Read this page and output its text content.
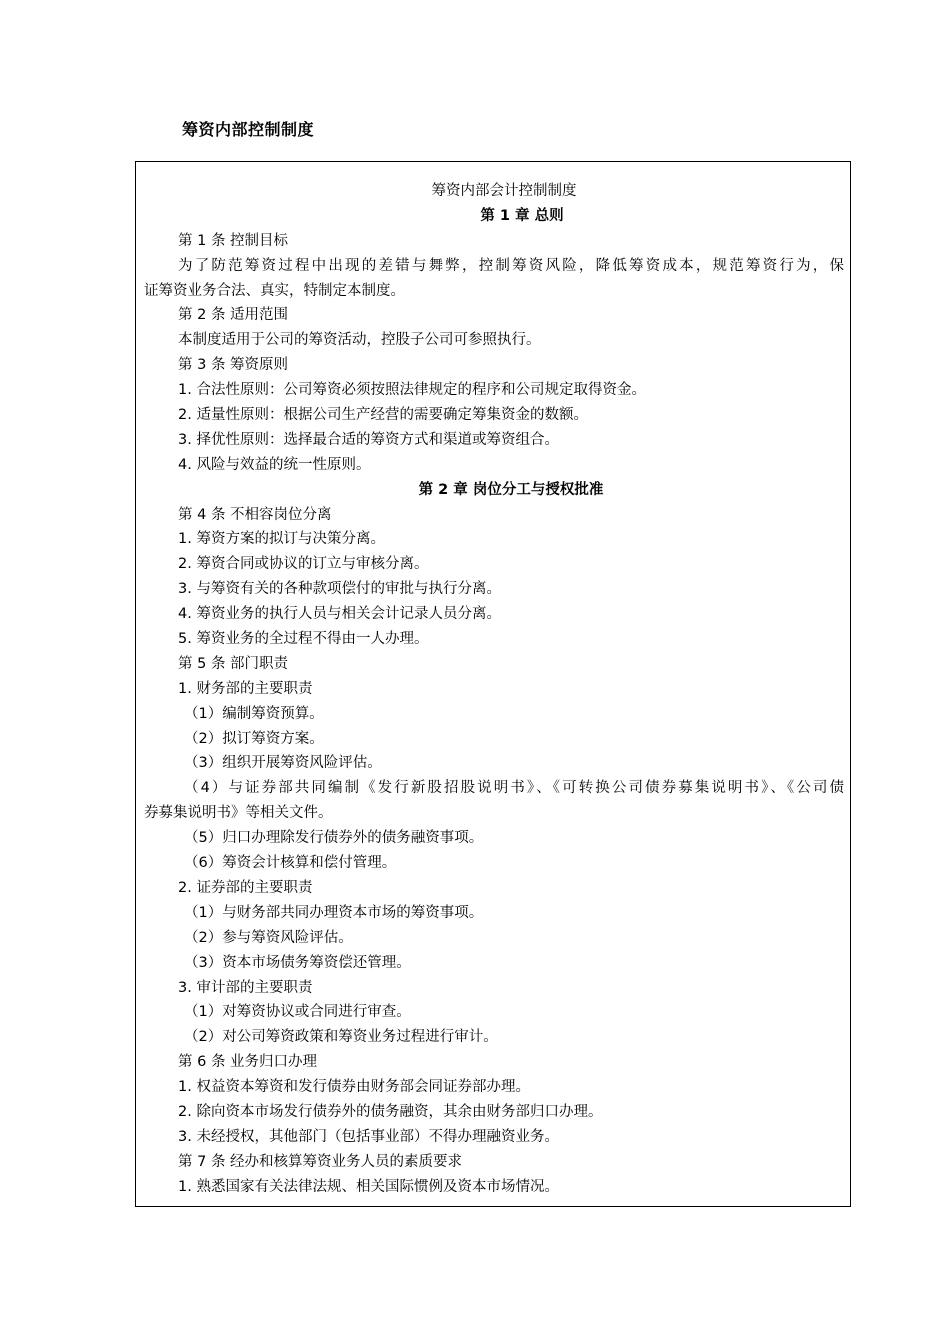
筹资内部控制制度
筹资内部会计控制制度
第 1 章 总则
第 1 条 控制目标
为了防范筹资过程中出现的差错与舞弊，控制筹资风险，降低筹资成本，规范筹资行为，保
证筹资业务合法、真实，特制定本制度。
第 2 条 适用范围
本制度适用于公司的筹资活动，控股子公司可参照执行。
第 3 条 筹资原则
1. 合法性原则：公司筹资必须按照法律规定的程序和公司规定取得资金。
2. 适量性原则：根据公司生产经营的需要确定筹集资金的数额。
3. 择优性原则：选择最合适的筹资方式和渠道或筹资组合。
4. 风险与效益的统一性原则。
第 2 章 岗位分工与授权批准
第 4 条 不相容岗位分离
1. 筹资方案的拟订与决策分离。
2. 筹资合同或协议的订立与审核分离。
3. 与筹资有关的各种款项偿付的审批与执行分离。
4. 筹资业务的执行人员与相关会计记录人员分离。
5. 筹资业务的全过程不得由一人办理。
第 5 条 部门职责
1. 财务部的主要职责
（1）编制筹资预算。
（2）拟订筹资方案。
（3）组织开展筹资风险评估。
（4）与证券部共同编制《发行新股招股说明书》、《可转换公司债券募集说明书》、《公司债
券募集说明书》等相关文件。
（5）归口办理除发行债券外的债务融资事项。
（6）筹资会计核算和偿付管理。
2. 证券部的主要职责
（1）与财务部共同办理资本市场的筹资事项。
（2）参与筹资风险评估。
（3）资本市场债务筹资偿还管理。
3. 审计部的主要职责
（1）对筹资协议或合同进行审查。
（2）对公司筹资政策和筹资业务过程进行审计。
第 6 条 业务归口办理
1. 权益资本筹资和发行债券由财务部会同证券部办理。
2. 除向资本市场发行债券外的债务融资，其余由财务部归口办理。
3. 未经授权，其他部门（包括事业部）不得办理融资业务。
第 7 条 经办和核算筹资业务人员的素质要求
1. 熟悉国家有关法律法规、相关国际惯例及资本市场情况。
